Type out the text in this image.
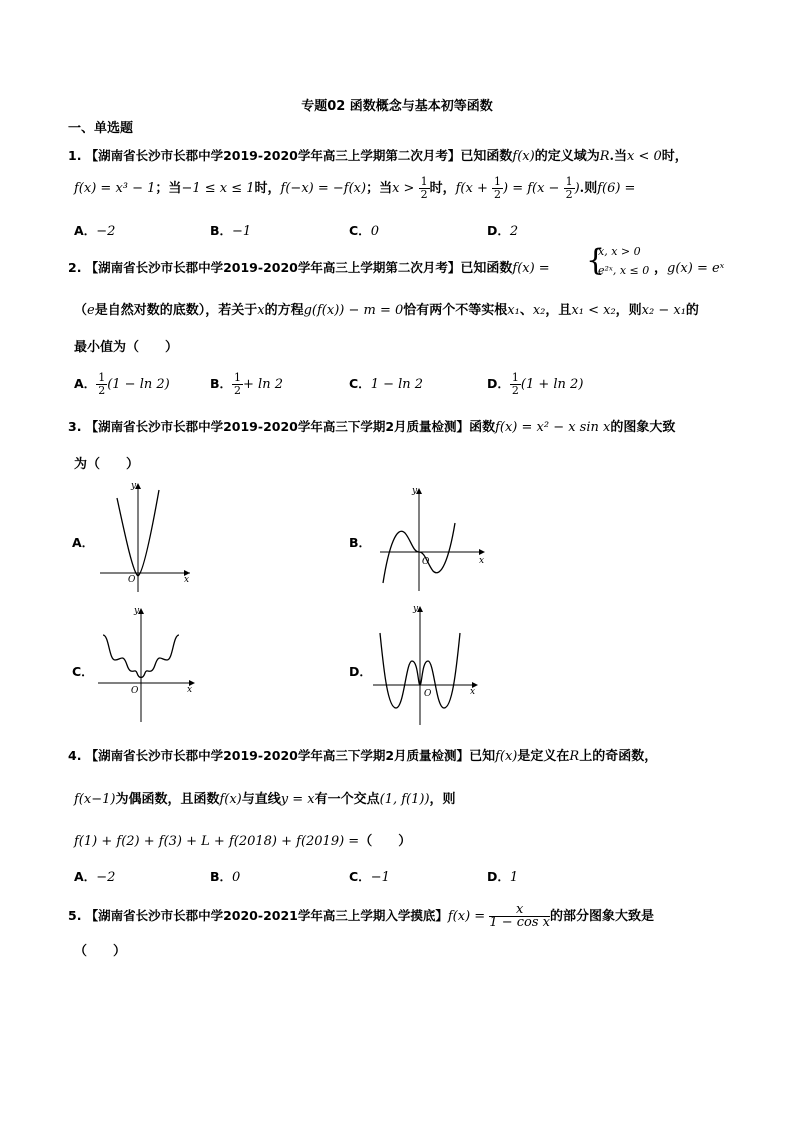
专题02 函数概念与基本初等函数
一、单选题
1. 【湖南省长沙市长郡中学2019-2020学年高三上学期第二次月考】已知函数f(x)的定义域为R.当x < 0时，
f(x) = x³ − 1；当−1 ≤ x ≤ 1时，f(−x) = −f(x)；当$x > \frac{1}{2}$ 时，$f(x + \frac{1}{2}$ ) = $f(x - \frac{1}{2}$ ).则f(6) =
A．−2	B．−1	C．0	D．2
2. 【湖南省长沙市长郡中学2019-2020学年高三上学期第二次月考】已知函数f(x) = {
x, x > 0
e²ˣ, x ≤ 0 ，g(x) = eˣ
（e是自然对数的底数），若关于x的方程g(f(x)) − m = 0恰有两个不等实根x₁、x₂，且x₁ < x₂，则x₂ − x₁的
最小值为（　　）
A． $\frac{1}{2} (1 - \ln 2)$	B． $\frac{1}{2} + \ln 2$	C．1 − ln 2	D． $\frac{1}{2} (1 + \ln 2)$
3. 【湖南省长沙市长郡中学2019-2020学年高三下学期2月质量检测】函数f(x) = x² − x sin x的图象大致
为（　　）
A．	B．
C．	D．
x
y
O
x
y
O
x
y
O	x
y
O
4. 【湖南省长沙市长郡中学2019-2020学年高三下学期2月质量检测】已知f(x)是定义在R上的奇函数，
f(x−1)为偶函数，且函数f(x)与直线y = x有一个交点(1, f(1))，则
f(1) + f(2) + f(3) + L + f(2018) + f(2019) =（　　）
A．−2	B．0	C．−1	D．1
5. 【湖南省长沙市长郡中学2020-2021学年高三上学期入学摸底】$f(x) = \frac{x}{\text{1 − cos x}}$ 的部分图象大致是
（　　）
